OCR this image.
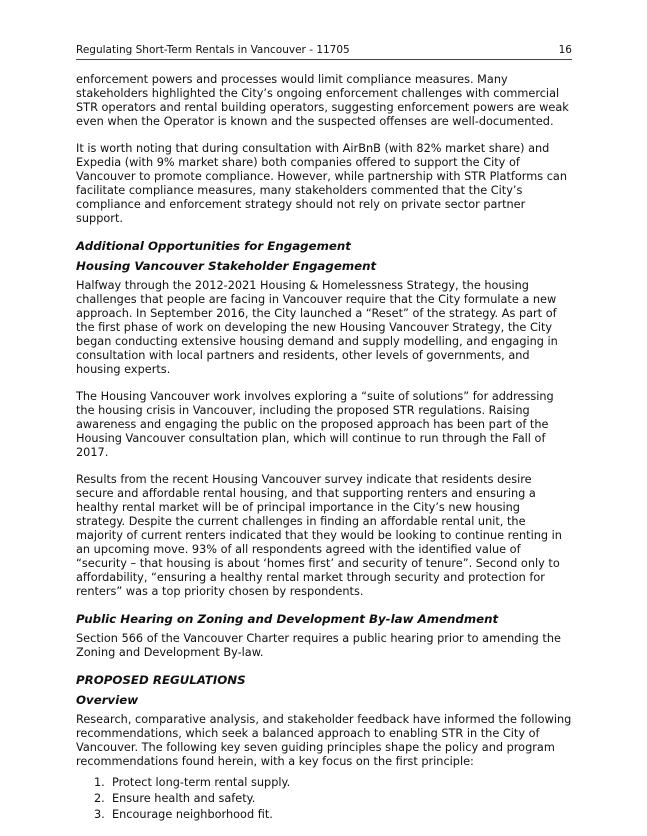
Regulating Short-Term Rentals in Vancouver - 11705	16

enforcement powers and processes would limit compliance measures. Many stakeholders highlighted the City’s ongoing enforcement challenges with commercial STR operators and rental building operators, suggesting enforcement powers are weak even when the Operator is known and the suspected offenses are well-documented.

It is worth noting that during consultation with AirBnB (with 82% market share) and Expedia (with 9% market share) both companies offered to support the City of Vancouver to promote compliance. However, while partnership with STR Platforms can facilitate compliance measures, many stakeholders commented that the City’s compliance and enforcement strategy should not rely on private sector partner support.

Additional Opportunities for Engagement
Housing Vancouver Stakeholder Engagement

Halfway through the 2012-2021 Housing & Homelessness Strategy, the housing challenges that people are facing in Vancouver require that the City formulate a new approach. In September 2016, the City launched a “Reset” of the strategy. As part of the first phase of work on developing the new Housing Vancouver Strategy, the City began conducting extensive housing demand and supply modelling, and engaging in consultation with local partners and residents, other levels of governments, and housing experts.

The Housing Vancouver work involves exploring a “suite of solutions” for addressing the housing crisis in Vancouver, including the proposed STR regulations. Raising awareness and engaging the public on the proposed approach has been part of the Housing Vancouver consultation plan, which will continue to run through the Fall of 2017.

Results from the recent Housing Vancouver survey indicate that residents desire secure and affordable rental housing, and that supporting renters and ensuring a healthy rental market will be of principal importance in the City’s new housing strategy. Despite the current challenges in finding an affordable rental unit, the majority of current renters indicated that they would be looking to continue renting in an upcoming move. 93% of all respondents agreed with the identified value of “security – that housing is about ‘homes first’ and security of tenure”. Second only to affordability, “ensuring a healthy rental market through security and protection for renters” was a top priority chosen by respondents.

Public Hearing on Zoning and Development By-law Amendment

Section 566 of the Vancouver Charter requires a public hearing prior to amending the Zoning and Development By-law.

PROPOSED REGULATIONS
Overview

Research, comparative analysis, and stakeholder feedback have informed the following recommendations, which seek a balanced approach to enabling STR in the City of Vancouver. The following key seven guiding principles shape the policy and program recommendations found herein, with a key focus on the first principle:

1. Protect long-term rental supply.
2. Ensure health and safety.
3. Encourage neighborhood fit.
